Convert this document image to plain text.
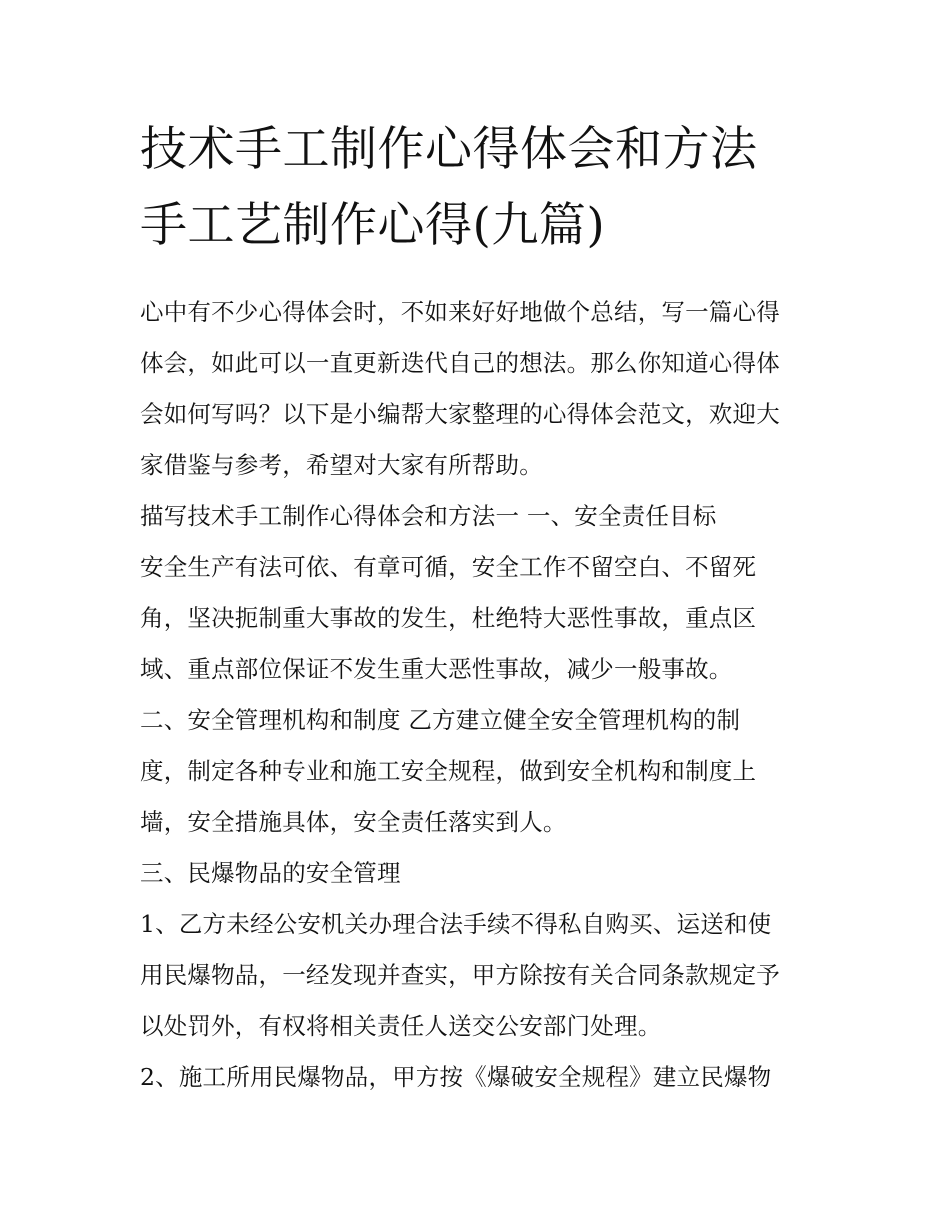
技术手工制作心得体会和方法
手工艺制作心得(九篇)
心中有不少心得体会时，不如来好好地做个总结，写一篇心得
体会，如此可以一直更新迭代自己的想法。那么你知道心得体
会如何写吗？以下是小编帮大家整理的心得体会范文，欢迎大
家借鉴与参考，希望对大家有所帮助。
描写技术手工制作心得体会和方法一 一、安全责任目标
安全生产有法可依、有章可循，安全工作不留空白、不留死
角，坚决扼制重大事故的发生，杜绝特大恶性事故，重点区
域、重点部位保证不发生重大恶性事故，减少一般事故。
二、安全管理机构和制度 乙方建立健全安全管理机构的制
度，制定各种专业和施工安全规程，做到安全机构和制度上
墙，安全措施具体，安全责任落实到人。
三、民爆物品的安全管理
1、乙方未经公安机关办理合法手续不得私自购买、运送和使
用民爆物品，一经发现并查实，甲方除按有关合同条款规定予
以处罚外，有权将相关责任人送交公安部门处理。
2、施工所用民爆物品，甲方按《爆破安全规程》建立民爆物
